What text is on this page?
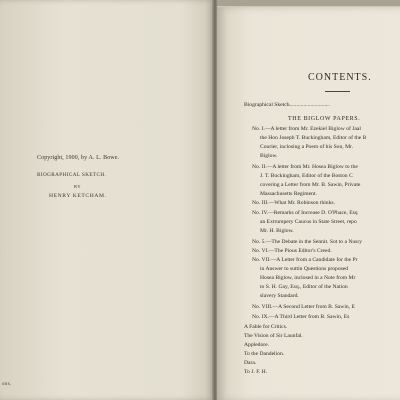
Copyright, 1900, by A. L. Bowe.
BIOGRAPHICAL SKETCH.
BY
HENRY KETCHAM.
ons.
CONTENTS.
Biographical Sketch.............................
THE BIGLOW PAPERS.
No. I.—A letter from Mr. Ezekiel Biglow of Jaal
the Hon Joseph T. Buckingham, Editor of the B
Courier, inclosing a Poem of his Son, Mr.
Biglow.
No. II.—A letter from Mr. Hosea Biglow to the
J. T. Buckingham, Editor of the Boston C
covering a Letter from Mr. B. Sawin, Private
Massachusetts Regiment.
No. III.—What Mr. Robinson thinks.
No. IV.—Remarks of Increase D. O'Phace, Esq
an Extrumpery Caucus in State Street, repo
Mr. H. Biglow.
No. 5.—The Debate in the Sennit. Sot to a Nusry
No. VI.—The Pious Editor's Creed.
No. VII.—A Letter from a Candidate for the Pr
in Answer to suttin Questions proposed
Hosea Biglow, inclosed in a Note from Mr
to S. H. Gay, Esq., Editor of the Nation
slavery Standard.
No. VIII.—A Second Letter from B. Sawin, E
No. IX.—A Third Letter from B. Sawin, Es
A Fable for Critics.
The Vision of Sir Launfal.
Appledore.
To the Dandelion.
Dara.
To J. F. H.
